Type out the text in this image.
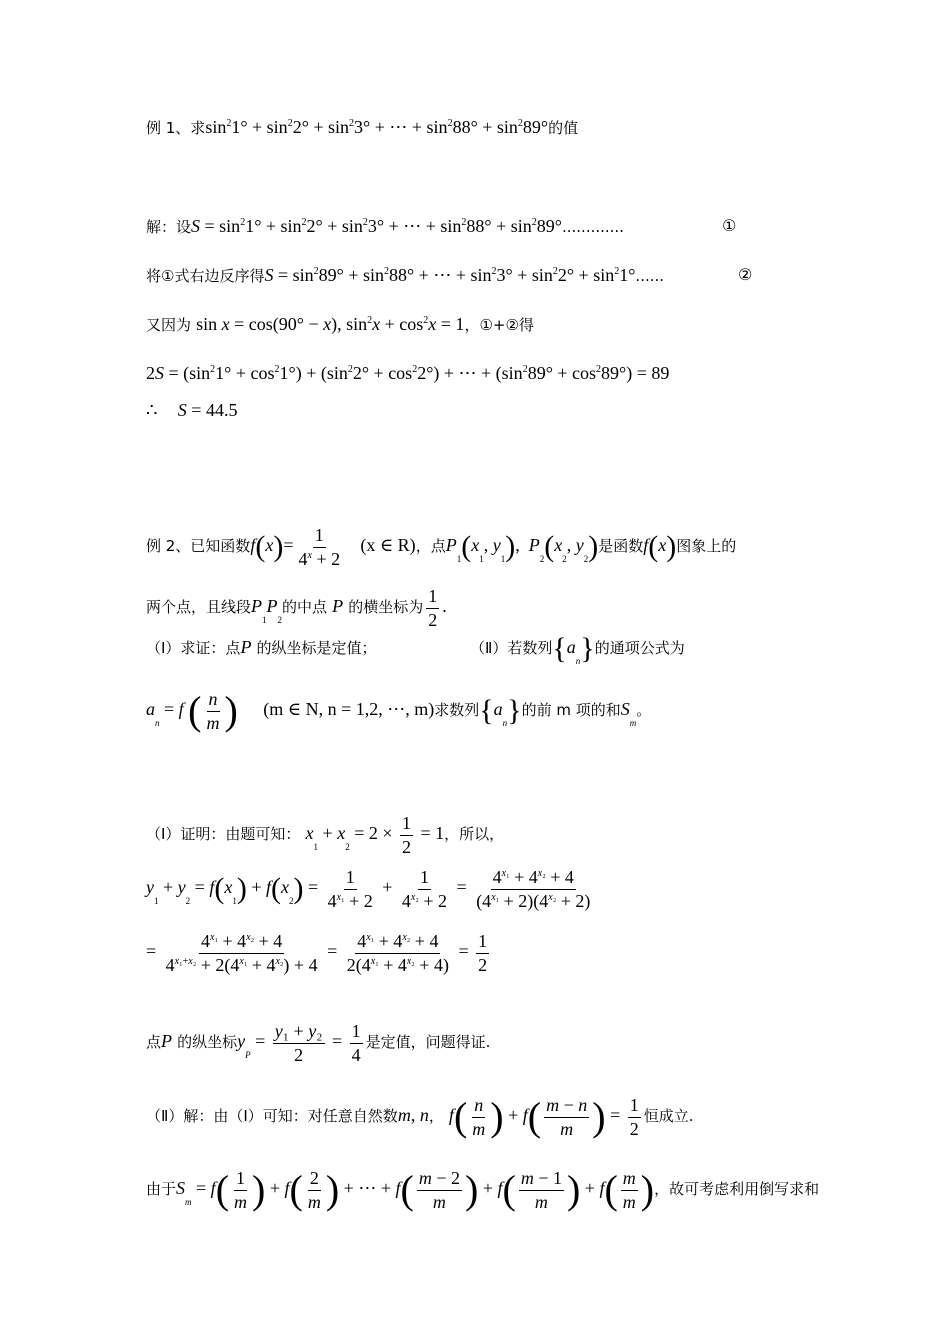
例 1、求$\sin^21^\circ + \sin^22^\circ + \sin^23^\circ$ + ⋯ + $\sin^288^\circ + \sin^289^\circ$的值
解：设$S = \sin^21^\circ + \sin^22^\circ + \sin^23^\circ$ + ⋯ + $\sin^288^\circ + \sin^289^\circ$.............	①
将①式右边反序得$S = \sin^289^\circ + \sin^288^\circ$ + ⋯ + $\sin^23^\circ + \sin^22^\circ + \sin^21^\circ$......	②
又因为 sin x = cos(90° − x), $\sin^2x + \cos^2x = 1$，①+②得
$2S = (\sin^21^\circ + \cos^21^\circ) + (\sin^22^\circ + \cos^22^\circ)$ + ⋯ + $(\sin^289^\circ + \cos^289^\circ) = 89$
∴ S = 44.5
例 2、已知函数$f(x)= \frac{1}{4^x + 2} (x$ ∈ R)，点$P_1(x_1$, $y_1$),  $P_2(x_2$, $y_2$)是函数f(x)图象上的
两个点，且线段$P_1P_2$的中点 P 的横坐标为 $\frac{1}{2}$ .
（Ⅰ）求证：点P 的纵坐标是定值；	（Ⅱ）若数列$\{a_n\}$的通项公式为
$a_n = f$ ( $\frac{n}{m}$ ) (m ∈ N, n = 1,2, ⋯, m)求数列$\{a_n\}$的前 m 项的和$S_m$。
（Ⅰ）证明：由题可知： $x_1 + x_2 = 2 \times \frac{1}{2} = 1$，所以，
$y_1 + y_2 = f(x_1) + f(x_2) = \frac{1}{4^{x_1} + 2} + \frac{1}{4^{x_2} + 2} = \frac{4^{x_1} + 4^{x_2} + 4}{(4^{x_1} + 2)(4^{x_2} + 2)}$
= $\frac{4^{x_1} + 4^{x_2} + 4}{4^{x_1+x_2} + 2(4^{x_1} + 4^{x_2}) + 4} = \frac{4^{x_1} + 4^{x_2} + 4}{2(4^{x_1} + 4^{x_2} + 4)} = \frac{1}{2}$
点P 的纵坐标$y_P = \frac{\text{y₁ + y₂}}{2} = \frac{1}{4}$ 是定值，问题得证.
（Ⅱ）解：由（Ⅰ）可知：对任意自然数m, n， $f( \frac{n}{m}$ ) + $f( \frac{m - n}{m}$ ) = $\frac{1}{2}$ 恒成立.
由于$S_m = f( \frac{1}{m}$ ) + $f( \frac{2}{m}$ ) + ⋯ + $f( \frac{m - 2}{m}$ ) + $f( \frac{m - 1}{m}$ ) + $f( \frac{m}{m}$ )，故可考虑利用倒写求和
